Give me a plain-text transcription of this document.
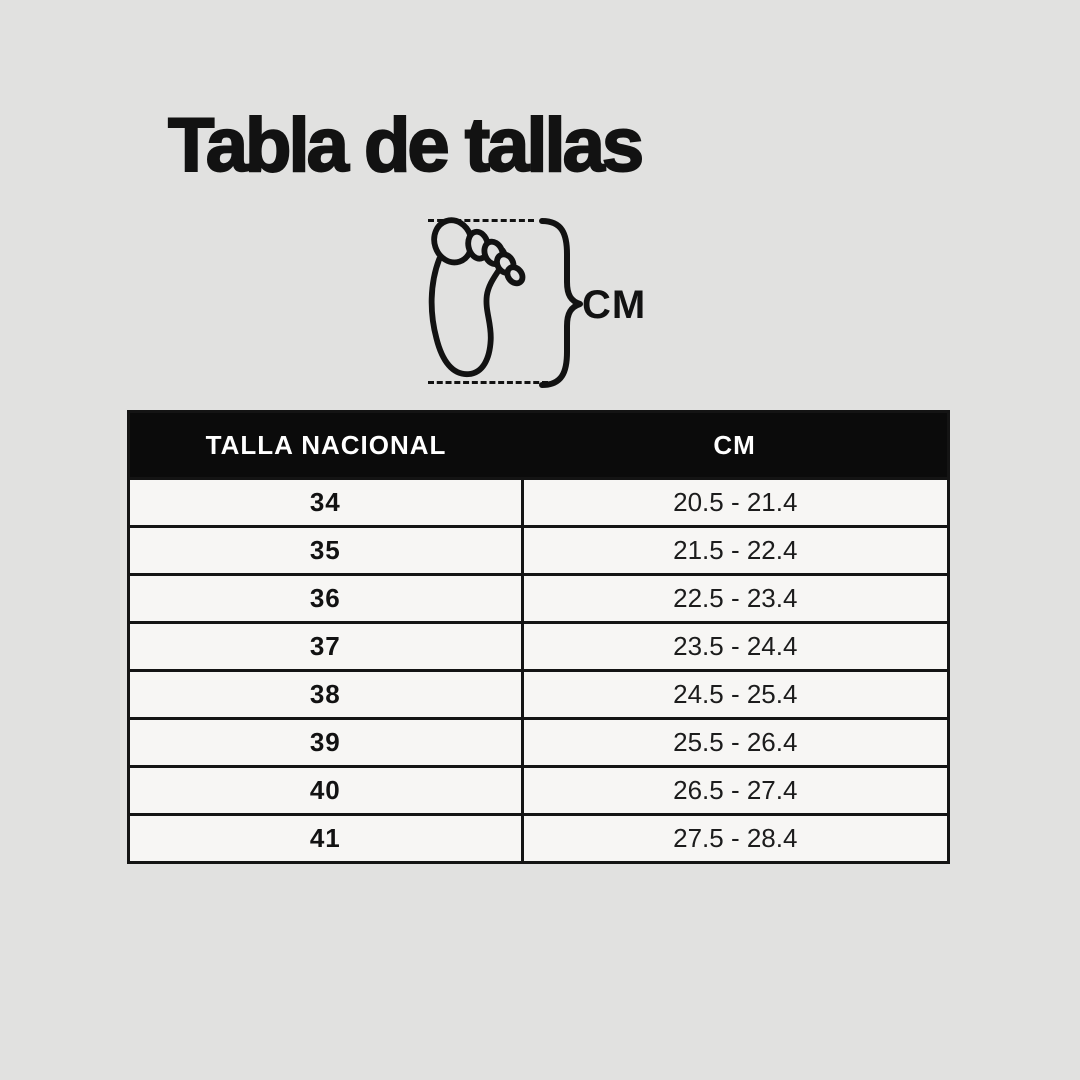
Tabla de tallas
CM
TALLA NACIONAL	CM
34	20.5 - 21.4
35	21.5 - 22.4
36	22.5 - 23.4
37	23.5 - 24.4
38	24.5 - 25.4
39	25.5 - 26.4
40	26.5 - 27.4
41	27.5 - 28.4
